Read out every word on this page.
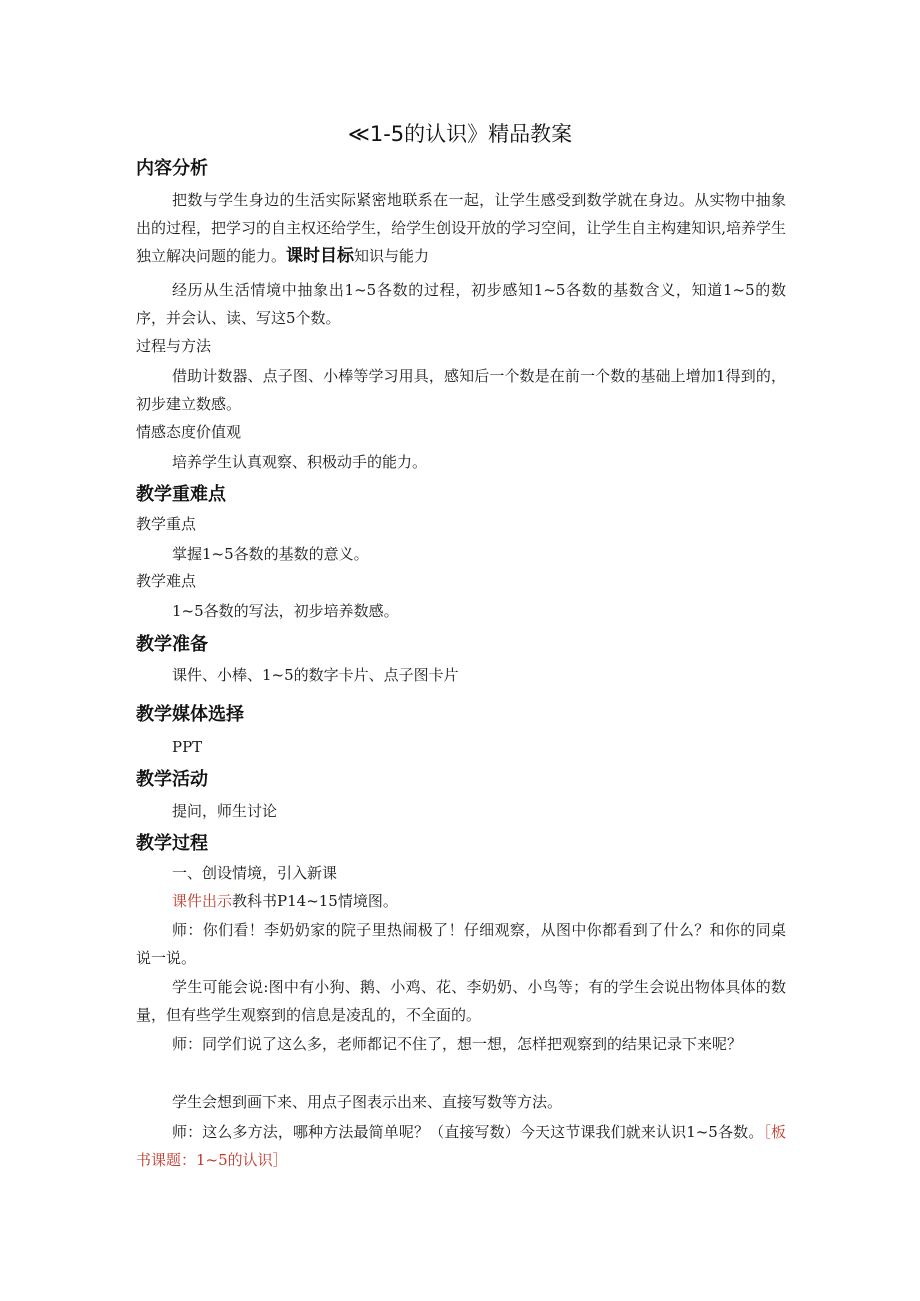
≪1-5的认识》精品教案
内容分析
把数与学生身边的生活实际紧密地联系在一起，让学生感受到数学就在身边。从实物中抽象出的过程，把学习的自主权还给学生，给学生创设开放的学习空间，让学生自主构建知识,培养学生独立解决问题的能力。课时目标知识与能力
经历从生活情境中抽象出1~5各数的过程，初步感知1~5各数的基数含义，知道1~5的数序，并会认、读、写这5个数。
过程与方法
借助计数器、点子图、小棒等学习用具，感知后一个数是在前一个数的基础上增加1得到的，初步建立数感。
情感态度价值观
培养学生认真观察、积极动手的能力。
教学重难点
教学重点
掌握1~5各数的基数的意义。
教学难点
1~5各数的写法，初步培养数感。
教学准备
课件、小棒、1~5的数字卡片、点子图卡片
教学媒体选择
PPT
教学活动
提问，师生讨论
教学过程
一、创设情境，引入新课
课件出示教科书P14~15情境图。
师：你们看！李奶奶家的院子里热闹极了！仔细观察，从图中你都看到了什么？和你的同桌说一说。
学生可能会说:图中有小狗、鹅、小鸡、花、李奶奶、小鸟等；有的学生会说出物体具体的数量，但有些学生观察到的信息是凌乱的，不全面的。
师：同学们说了这么多，老师都记不住了，想一想，怎样把观察到的结果记录下来呢？
学生会想到画下来、用点子图表示出来、直接写数等方法。
师：这么多方法，哪种方法最简单呢？（直接写数）今天这节课我们就来认识1~5各数。［板书课题：1~5的认识］
